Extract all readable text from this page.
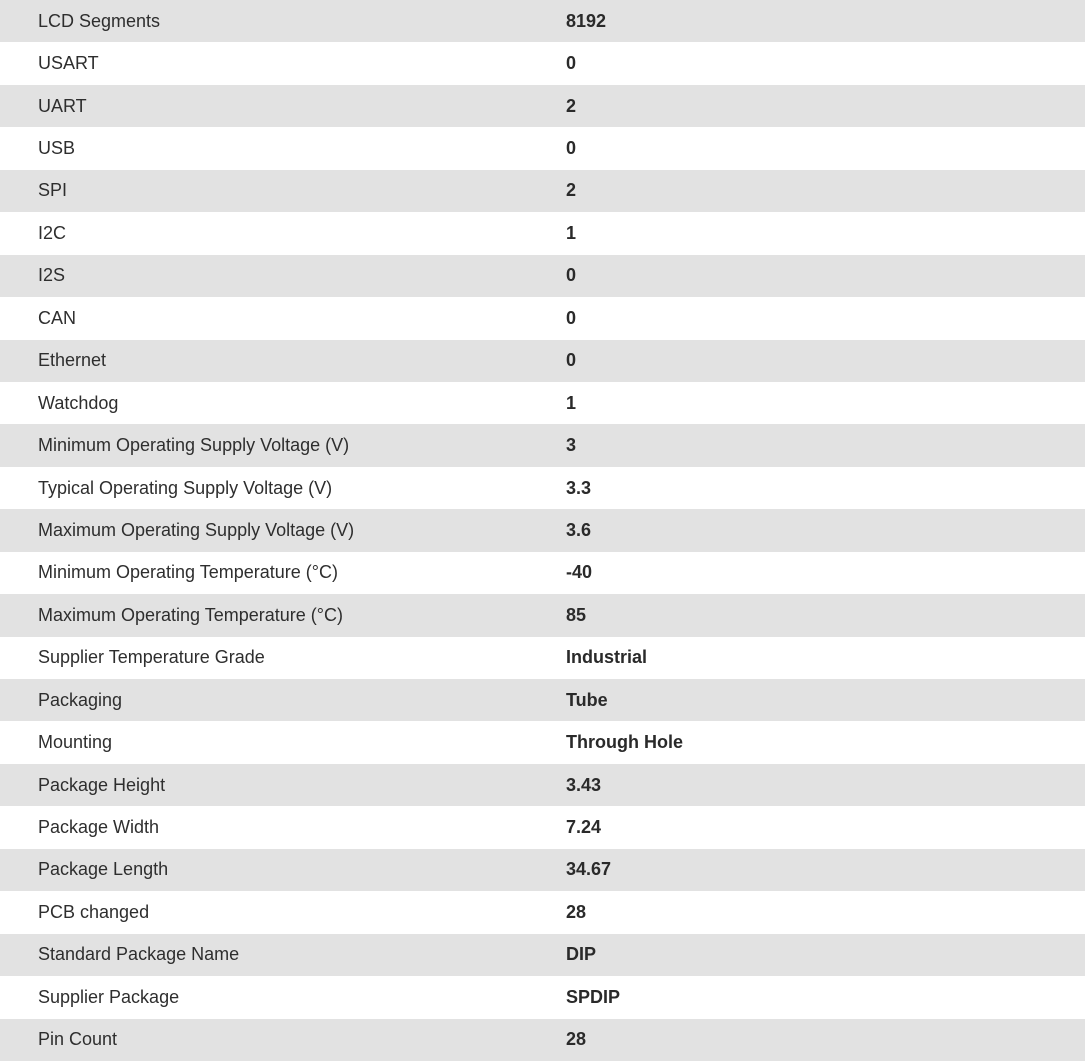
LCD Segments	8192
USART	0
UART	2
USB	0
SPI	2
I2C	1
I2S	0
CAN	0
Ethernet	0
Watchdog	1
Minimum Operating Supply Voltage (V)	3
Typical Operating Supply Voltage (V)	3.3
Maximum Operating Supply Voltage (V)	3.6
Minimum Operating Temperature (°C)	-40
Maximum Operating Temperature (°C)	85
Supplier Temperature Grade	Industrial
Packaging	Tube
Mounting	Through Hole
Package Height	3.43
Package Width	7.24
Package Length	34.67
PCB changed	28
Standard Package Name	DIP
Supplier Package	SPDIP
Pin Count	28
